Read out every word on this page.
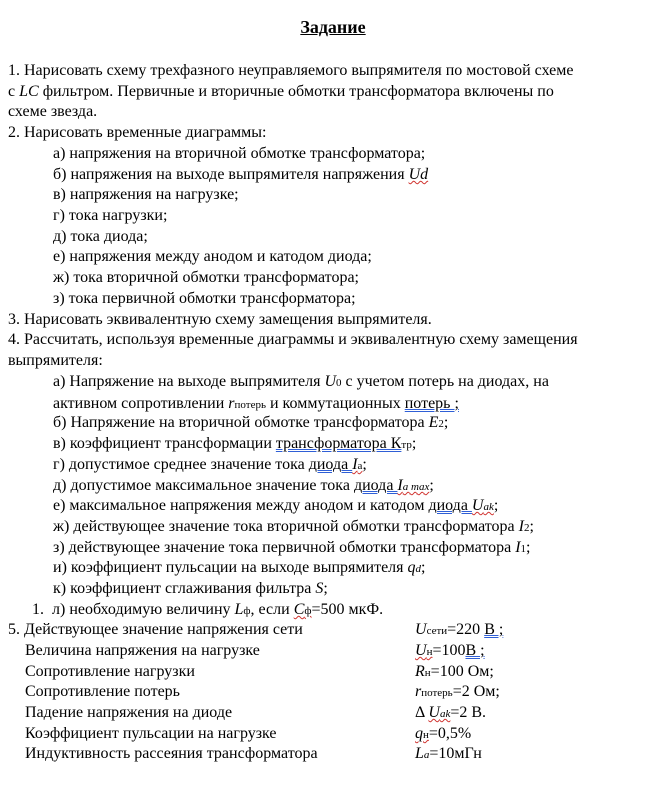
Задание
1. Нарисовать схему трехфазного неуправляемого выпрямителя по мостовой схеме
с LC фильтром. Первичные и вторичные обмотки трансформатора включены по
схеме звезда.
2. Нарисовать временные диаграммы:
а) напряжения на вторичной обмотке трансформатора;
б) напряжения на выходе выпрямителя напряжения Ud
в) напряжения на нагрузке;
г) тока нагрузки;
д) тока диода;
е) напряжения между анодом и катодом диода;
ж) тока вторичной обмотки трансформатора;
з) тока первичной обмотки трансформатора;
3. Нарисовать эквивалентную схему замещения выпрямителя.
4. Рассчитать, используя временные диаграммы и эквивалентную схему замещения
выпрямителя:
а) Напряжение на выходе выпрямителя U0 с учетом потерь на диодах, на
активном сопротивлении rпотерь и коммутационных потерь ;
б) Напряжение на вторичной обмотке трансформатора E2;
в) коэффициент трансформации трансформатора Ктр;
г) допустимое среднее значение тока диода Iа;
д) допустимое максимальное значение тока диода Iа max;
е) максимальное напряжения между анодом и катодом диода Uak;
ж) действующее значение тока вторичной обмотки трансформатора I2;
з) действующее значение тока первичной обмотки трансформатора I1;
и) коэффициент пульсации на выходе выпрямителя qd;
к) коэффициент сглаживания фильтра S;
1. л) необходимую величину Lф, если Сф=500 мкФ.
5. Действующее значение напряжения сети	Uсети=220 В ;
Величина напряжения на нагрузке	Uн=100В ;
Сопротивление нагрузки	Rн=100 Ом;
Сопротивление потерь	rпотерь=2 Ом;
Падение напряжения на диоде	Δ Uak=2 В.
Коэффициент пульсации на нагрузке	qн=0,5%
Индуктивность рассеяния трансформатора	La=10мГн
